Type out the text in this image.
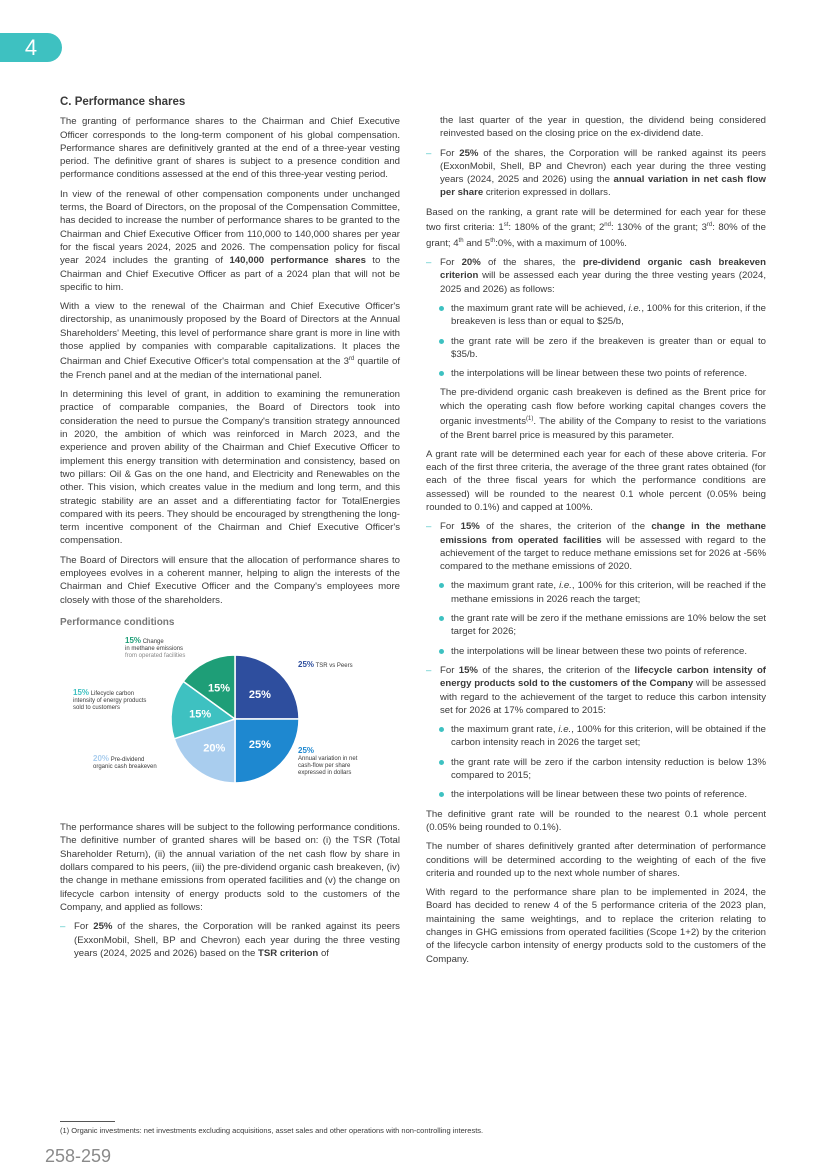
4
C. Performance shares

The granting of performance shares to the Chairman and Chief Executive Officer corresponds to the long-term component of his global compensation. Performance shares are definitively granted at the end of a three-year vesting period. The definitive grant of shares is subject to a presence condition and performance conditions assessed at the end of this three-year vesting period.

In view of the renewal of other compensation components under unchanged terms, the Board of Directors, on the proposal of the Compensation Committee, has decided to increase the number of performance shares to be granted to the Chairman and Chief Executive Officer from 110,000 to 140,000 shares per year for the fiscal years 2024, 2025 and 2026. The compensation policy for fiscal year 2024 includes the granting of 140,000 performance shares to the Chairman and Chief Executive Officer as part of a 2024 plan that will not be specific to him.

With a view to the renewal of the Chairman and Chief Executive Officer's directorship, as unanimously proposed by the Board of Directors at the Annual Shareholders' Meeting, this level of performance share grant is more in line with those applied by companies with comparable capitalizations. It places the Chairman and Chief Executive Officer's total compensation at the 3rd quartile of the French panel and at the median of the international panel.

In determining this level of grant, in addition to examining the remuneration practice of comparable companies, the Board of Directors took into consideration the need to pursue the Company's transition strategy announced in 2020, the ambition of which was reinforced in March 2023, and the experience and proven ability of the Chairman and Chief Executive Officer to implement this energy transition with determination and consistency, based on two pillars: Oil & Gas on the one hand, and Electricity and Renewables on the other. This vision, which creates value in the medium and long term, and this strategic stability are an asset and a differentiating factor for TotalEnergies compared with its peers. They should be encouraged by strengthening the long-term incentive component of the Chairman and Chief Executive Officer's compensation.

The Board of Directors will ensure that the allocation of performance shares to employees evolves in a coherent manner, helping to align the interests of the Chairman and Chief Executive Officer and the Company's employees more closely with those of the shareholders.

Performance conditions
25%
25%
20%
15%
15%
15% Change
in methane emissions
from operated facilities
25% TSR vs Peers
15% Lifecycle carbon
intensity of energy products
sold to customers
25%
Annual variation in net
cash-flow per share
expressed in dollars
20% Pre-dividend
organic cash breakeven

The performance shares will be subject to the following performance conditions. The definitive number of granted shares will be based on: (i) the TSR (Total Shareholder Return), (ii) the annual variation of the net cash flow by share in dollars compared to his peers, (iii) the pre-dividend organic cash breakeven, (iv) the change in methane emissions from operated facilities and (v) the change on lifecycle carbon intensity of energy products sold to the customers of the Company, and applied as follows:

– For 25% of the shares, the Corporation will be ranked against its peers (ExxonMobil, Shell, BP and Chevron) each year during the three vesting years (2024, 2025 and 2026) based on the TSR criterion of

the last quarter of the year in question, the dividend being considered reinvested based on the closing price on the ex-dividend date.

– For 25% of the shares, the Corporation will be ranked against its peers (ExxonMobil, Shell, BP and Chevron) each year during the three vesting years (2024, 2025 and 2026) using the annual variation in net cash flow per share criterion expressed in dollars.

Based on the ranking, a grant rate will be determined for each year for these two first criteria: 1st: 180% of the grant; 2nd: 130% of the grant; 3rd: 80% of the grant; 4th and 5th:0%, with a maximum of 100%.

– For 20% of the shares, the pre-dividend organic cash breakeven criterion will be assessed each year during the three vesting years (2024, 2025 and 2026) as follows:
the maximum grant rate will be achieved, i.e., 100% for this criterion, if the breakeven is less than or equal to $25/b,
the grant rate will be zero if the breakeven is greater than or equal to $35/b.
the interpolations will be linear between these two points of reference.

The pre-dividend organic cash breakeven is defined as the Brent price for which the operating cash flow before working capital changes covers the organic investments$^{(1)}$. The ability of the Company to resist to the variations of the Brent barrel price is measured by this parameter.

A grant rate will be determined each year for each of these above criteria. For each of the first three criteria, the average of the three grant rates obtained (for each of the three fiscal years for which the performance conditions are assessed) will be rounded to the nearest 0.1 whole percent (0.05% being rounded to 0.1%) and capped at 100%.

– For 15% of the shares, the criterion of the change in the methane emissions from operated facilities will be assessed with regard to the achievement of the target to reduce methane emissions set for 2026 at -56% compared to the methane emissions of 2020.
the maximum grant rate, i.e., 100% for this criterion, will be reached if the methane emissions in 2026 reach the target;
the grant rate will be zero if the methane emissions are 10% below the set target for 2026;
the interpolations will be linear between these two points of reference.
– For 15% of the shares, the criterion of the lifecycle carbon intensity of energy products sold to the customers of the Company will be assessed with regard to the achievement of the target to reduce this carbon intensity set for 2026 at 17% compared to 2015:
the maximum grant rate, i.e., 100% for this criterion, will be obtained if the carbon intensity reach in 2026 the target set;
the grant rate will be zero if the carbon intensity reduction is below 13% compared to 2015;
the interpolations will be linear between these two points of reference.

The definitive grant rate will be rounded to the nearest 0.1 whole percent (0.05% being rounded to 0.1%).

The number of shares definitively granted after determination of performance conditions will be determined according to the weighting of each of the five criteria and rounded up to the next whole number of shares.

With regard to the performance share plan to be implemented in 2024, the Board has decided to renew 4 of the 5 performance criteria of the 2023 plan, maintaining the same weightings, and to replace the criterion relating to changes in GHG emissions from operated facilities (Scope 1+2) by the criterion of the lifecycle carbon intensity of energy products sold to the customers of the Company.

(1) Organic investments: net investments excluding acquisitions, asset sales and other operations with non-controlling interests.
258-259
